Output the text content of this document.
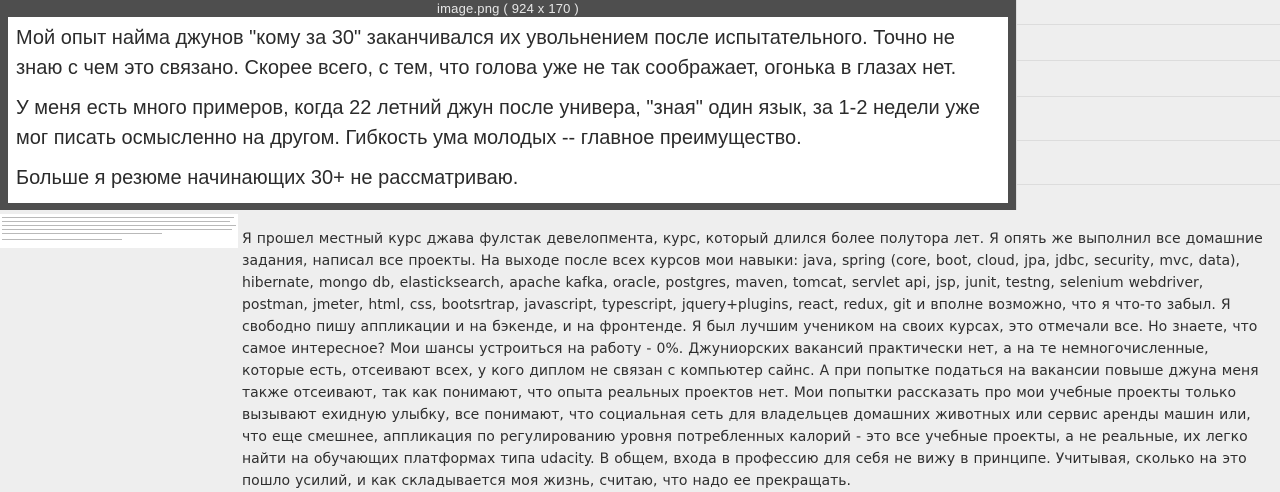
image.png ( 924 x 170 )

Мой опыт найма джунов "кому за 30" заканчивался их увольнением после испытательного. Точно не знаю с чем это связано. Скорее всего, с тем, что голова уже не так соображает, огонька в глазах нет.

У меня есть много примеров, когда 22 летний джун после универа, "зная" один язык, за 1-2 недели уже мог писать осмысленно на другом. Гибкость ума молодых -- главное преимущество.

Больше я резюме начинающих 30+ не рассматриваю.

Я прошел местный курс джава фулстак девелопмента, курс, который длился более полутора лет. Я опять же выполнил все домашние задания, написал все проекты. На выходе после всех курсов мои навыки: java, spring (core, boot, cloud, jpa, jdbc, security, mvc, data), hibernate, mongo db, elasticksearch, apache kafka, oracle, postgres, maven, tomcat, servlet api, jsp, junit, testng, selenium webdriver, postman, jmeter, html, css, bootsrtrap, javascript, typescript, jquery+plugins, react, redux, git и вполне возможно, что я что-то забыл. Я свободно пишу аппликации и на бэкенде, и на фронтенде. Я был лучшим учеником на своих курсах, это отмечали все. Но знаете, что самое интересное? Мои шансы устроиться на работу - 0%. Джуниорских вакансий практически нет, а на те немногочисленные, которые есть, отсеивают всех, у кого диплом не связан с компьютер сайнс. А при попытке податься на вакансии повыше джуна меня также отсеивают, так как понимают, что опыта реальных проектов нет. Мои попытки рассказать про мои учебные проекты только вызывают ехидную улыбку, все понимают, что социальная сеть для владельцев домашних животных или сервис аренды машин или, что еще смешнее, аппликация по регулированию уровня потребленных калорий - это все учебные проекты, а не реальные, их легко найти на обучающих платформах типа udacity. В общем, входа в профессию для себя не вижу в принципе. Учитывая, сколько на это пошло усилий, и как складывается моя жизнь, считаю, что надо ее прекращать.
